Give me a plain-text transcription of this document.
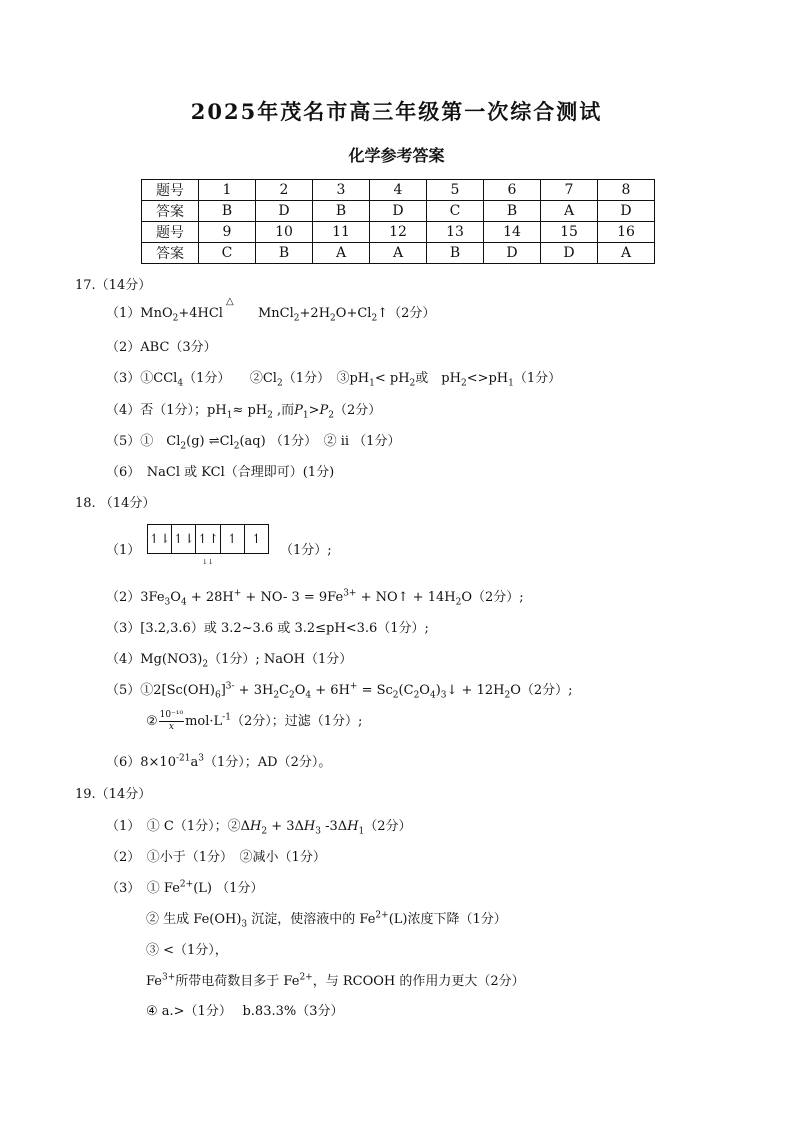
2025年茂名市高三年级第一次综合测试
化学参考答案
题号	1	2	3	4	5	6	7	8
答案	B	D	B	D	C	B	A	D
题号	9	10	11	12	13	14	15	16
答案	C	B	A	A	B	D	D	A
17.（14分）
（1）MnO$_2$+4HCl
△
$MnCl_2+2H_2O+Cl_2↑(2$分）
（2）ABC（3分）
（3）①CCl$_4$（1分）　　$②Cl_2(1$分）　$③pH_1< pH_2$或　$pH_2<>pH_1(1$分）
（4）否（1分）；$pH_1\approx pH_2$ ,而$P_1>P_2(2$分）
（5）①　$Cl_2(g)$ $\rightleftharpoons Cl_2(aq)$ （1分）　② ii （1分）
（6）　NaCl 或 KCl（合理即可）(1分)
18. （14分）
（1）
↿⇂ ↿⇂ ↿↾ ↿	↿
↓↓
（1分）;
$(2)3Fe_3O_4 + 28H^+ + NO-$ $3 = 9Fe^{3+}$ + NO↑ + $14H_2O(2$分）;
（3）[3.2,3.6）或 3.2~3.6 或 3.2≤pH<3.6（1分）;
$(4)Mg(NO3)_2(1$分）; NaOH（1分）
$(5)①2[Sc(OH)_6]^{3-} + 3H_2C_2O_4 + 6H^+$ = $Sc_2(C_2O_4)_3↓ + 12H_2O(2$分）;
② $\frac{\text{10⁻¹⁰}}{x} mol\cdot L^{-1}(2$分）；过滤（1分）;
$(6)8\times 10^{-21}a^3(1$分）；AD（2分）。
19.（14分）
（1）　① C（1分）；$②\Delta H_2 + 3\Delta H_3$ $-3\Delta H_1(2$分）
（2）　①小于（1分）　②减小（1分）
（3）　① $Fe^{2+}(L)$ （1分）
② 生成 $Fe(OH)_3$ 沉淀，使溶液中的 $Fe^{2+}(L)$浓度下降（1分）
③ <（1分），
$Fe^{3+}$所带电荷数目多于 $Fe^{2+}$，与 RCOOH 的作用力更大（2分）
④ a.>（1分）　 b.83.3%（3分）
